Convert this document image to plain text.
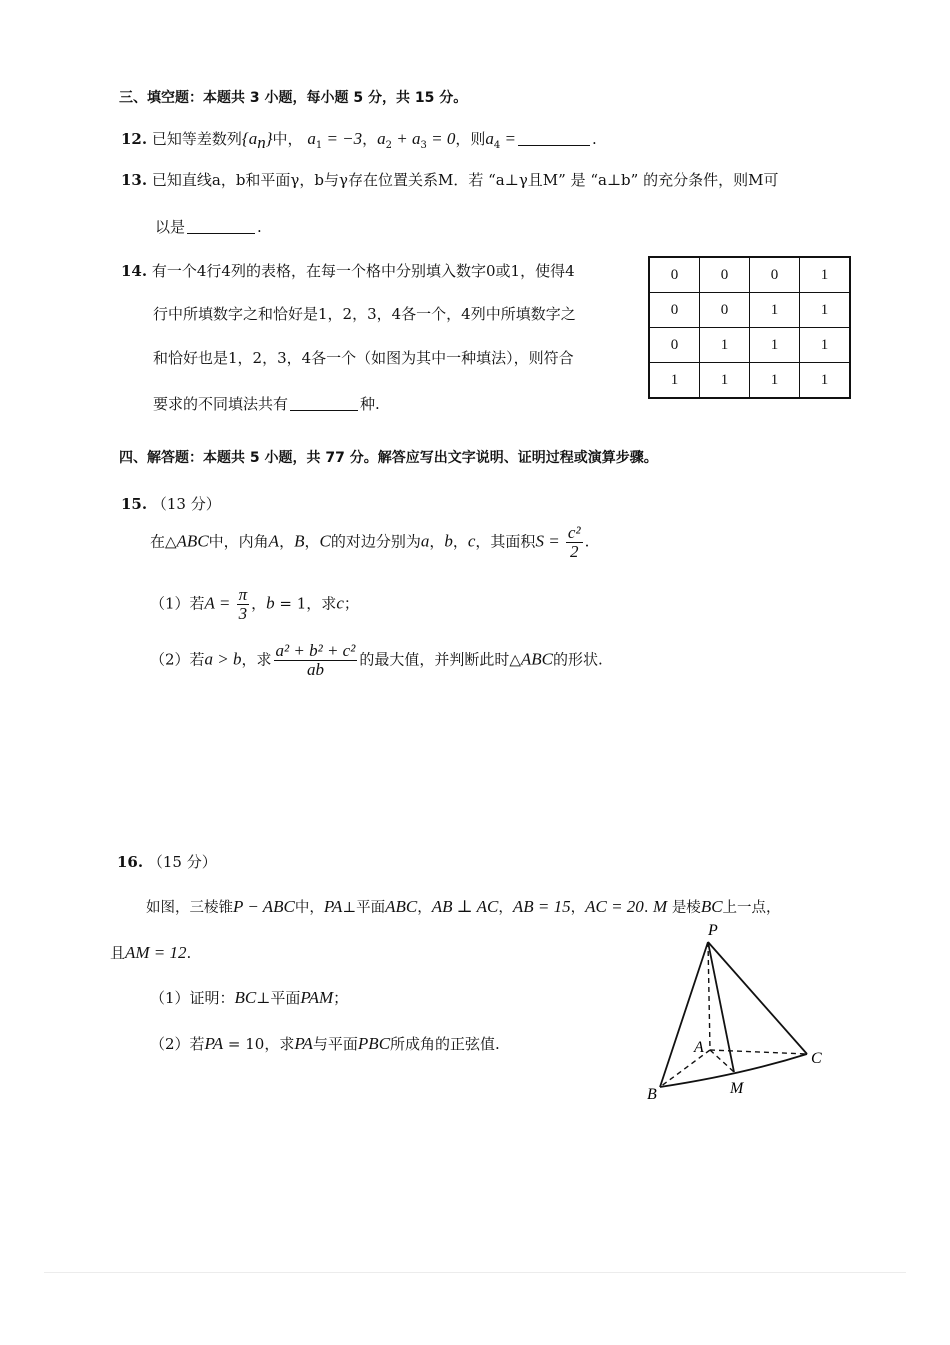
三、填空题：本题共 3 小题，每小题 5 分，共 15 分。
12. 已知等差数列$\{a_n\}$中， $a_1 = -3$，$a_2 + a_3 = 0$，则$a_4$ =	.
13. 已知直线a，b和平面γ，b与γ存在位置关系M．若 “a⊥γ且M” 是 “a⊥b” 的充分条件，则M可
以是	.
14. 有一个4行4列的表格，在每一个格中分别填入数字0或1，使得4
行中所填数字之和恰好是1，2，3，4各一个，4列中所填数字之
和恰好也是1，2，3，4各一个（如图为其中一种填法），则符合
要求的不同填法共有	种.
0	0	0	1
0	0	1	1
0	1	1	1
1	1	1	1
四、解答题：本题共 5 小题，共 77 分。解答应写出文字说明、证明过程或演算步骤。
15. （13 分）
在△ABC中，内角A，B，C的对边分别为a，b，c，其面积$S = \frac{\text{c²}}{2}$ .
（1）若$A = \frac{\pi}{3}$ ，b = 1，求c；
（2）若a > b，求 $\frac{\text{a² + b² + c²}}{ab}$ 的最大值，并判断此时△ABC的形状.
16. （15 分）
如图，三棱锥P − ABC中，PA⊥平面ABC，AB ⊥ AC，AB = 15，AC = 20. M 是棱BC上一点，
且AM = 12.
（1）证明：BC⊥平面PAM；
（2）若PA = 10，求PA与平面PBC所成角的正弦值.
P
A
B
C
M
